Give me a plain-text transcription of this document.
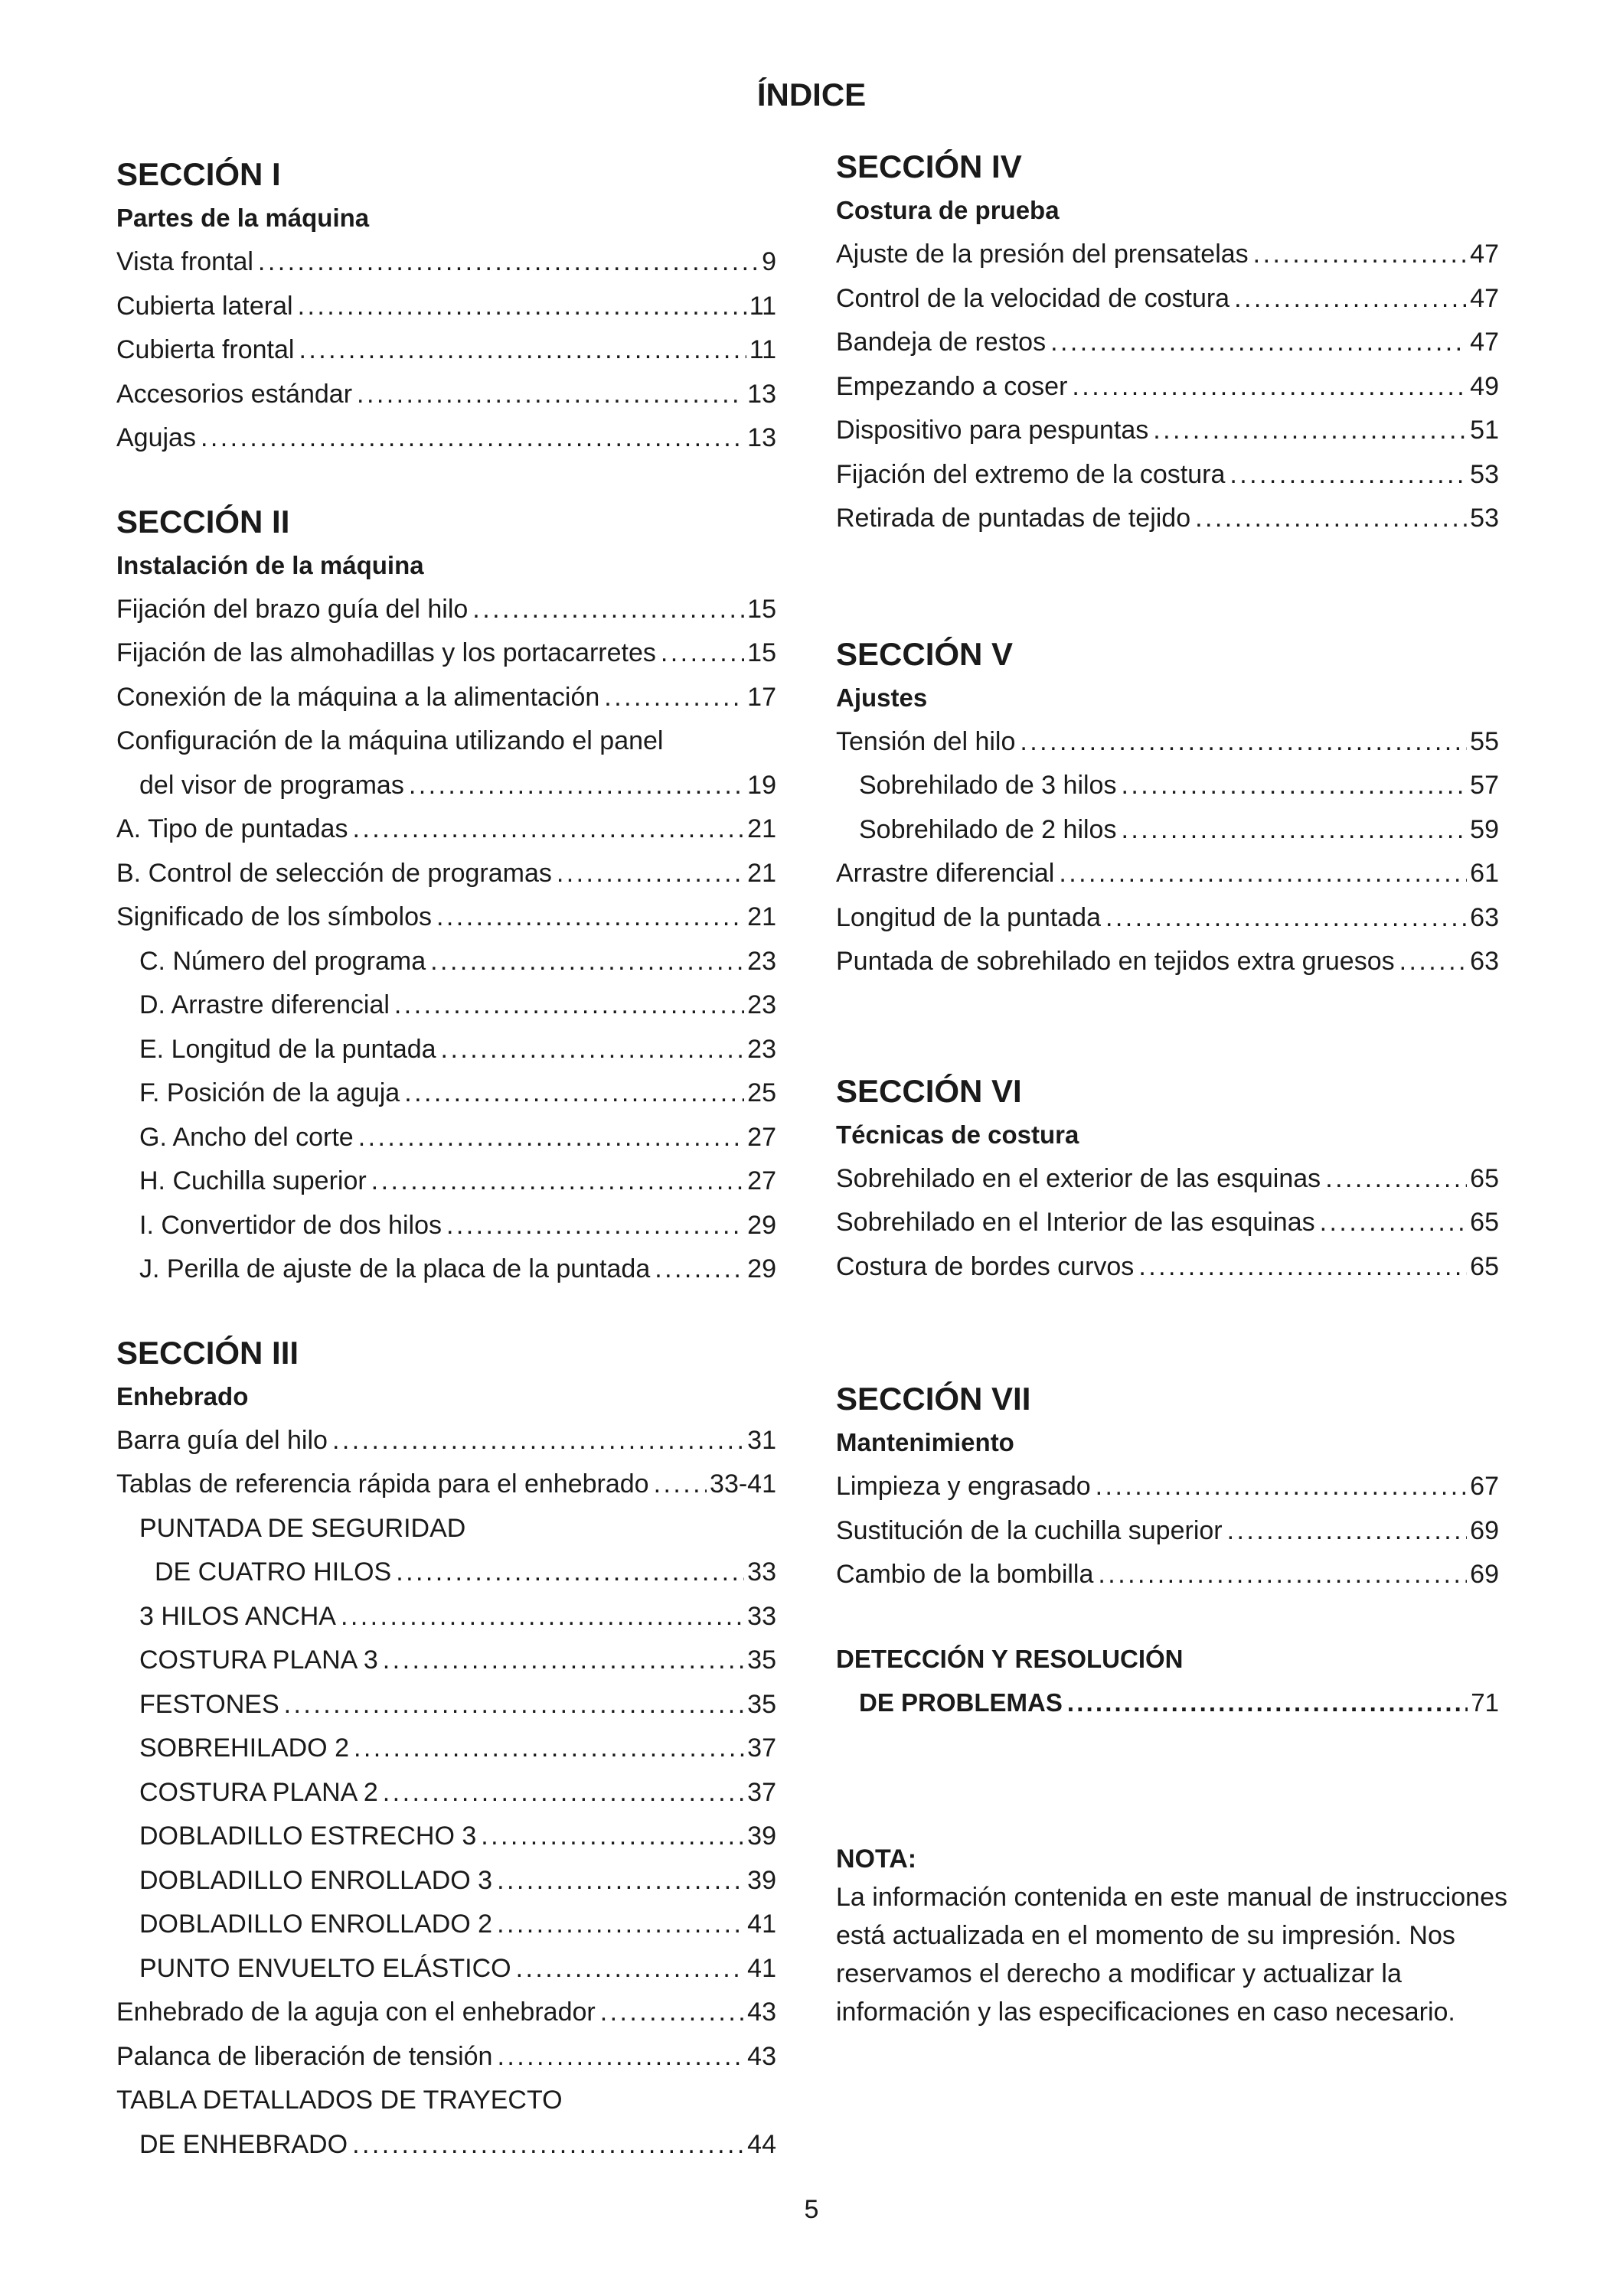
ÍNDICE
SECCIÓN I
Partes de la máquina
Vista frontal . . .	9
Cubierta lateral . . .	11
Cubierta frontal . . .	11
Accesorios estándar . . .	13
Agujas . . .	13
SECCIÓN II
Instalación de la máquina
Fijación del brazo guía del hilo . . .	15
Fijación de las almohadillas y los portacarretes . . .	15
Conexión de la máquina a la alimentación . . .	17
Configuración de la máquina utilizando el panel
del visor de programas . . .	19
A. Tipo de puntadas . . .	21
B. Control de selección de programas . . .	21
Significado de los símbolos . . .	21
C. Número del programa . . .	23
D. Arrastre diferencial . . .	23
E. Longitud de la puntada . . .	23
F. Posición de la aguja . . .	25
G. Ancho del corte . . .	27
H. Cuchilla superior . . .	27
I. Convertidor de dos hilos . . .	29
J. Perilla de ajuste de la placa de la puntada . . .	29
SECCIÓN III
Enhebrado
Barra guía del hilo . . .	31
Tablas de referencia rápida para el enhebrado . . . 33-41
PUNTADA DE SEGURIDAD
DE CUATRO HILOS . . .	33
3 HILOS ANCHA . . .	33
COSTURA PLANA 3 . . .	35
FESTONES . . .	35
SOBREHILADO 2 . . .	37
COSTURA PLANA 2 . . .	37
DOBLADILLO ESTRECHO 3 . . .	39
DOBLADILLO ENROLLADO 3 . . .	39
DOBLADILLO ENROLLADO 2 . . .	41
PUNTO ENVUELTO ELÁSTICO . . .	41
Enhebrado de la aguja con el enhebrador . . .	43
Palanca de liberación de tensión . . .	43
TABLA DETALLADOS DE TRAYECTO
DE ENHEBRADO . . .	44
SECCIÓN IV
Costura de prueba
Ajuste de la presión del prensatelas . . .	47
Control de la velocidad de costura . . .	47
Bandeja de restos . . .	47
Empezando a coser . . .	49
Dispositivo para pespuntas . . .	51
Fijación del extremo de la costura . . .	53
Retirada de puntadas de tejido . . .	53
SECCIÓN V
Ajustes
Tensión del hilo . . .	55
Sobrehilado de 3 hilos . . .	57
Sobrehilado de 2 hilos . . .	59
Arrastre diferencial . . .	61
Longitud de la puntada . . .	63
Puntada de sobrehilado en tejidos extra gruesos . . .	63
SECCIÓN VI
Técnicas de costura
Sobrehilado en el exterior de las esquinas . . .	65
Sobrehilado en el Interior de las esquinas . . .	65
Costura de bordes curvos . . .	65
SECCIÓN VII
Mantenimiento
Limpieza y engrasado . . .	67
Sustitución de la cuchilla superior . . .	69
Cambio de la bombilla . . .	69
DETECCIÓN Y RESOLUCIÓN
DE PROBLEMAS . . .	71
NOTA:
La información contenida en este manual de instrucciones está actualizada en el momento de su impresión. Nos reservamos el derecho a modificar y actualizar la información y las especificaciones en caso necesario.
5
